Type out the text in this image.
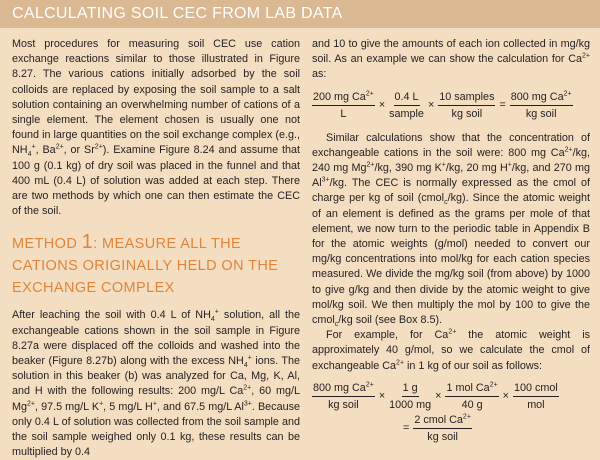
CALCULATING SOIL CEC FROM LAB DATA

Most procedures for measuring soil CEC use cation exchange reactions similar to those illustrated in Figure 8.27. The various cations initially adsorbed by the soil colloids are replaced by exposing the soil sample to a salt solution containing an overwhelming number of cations of a single element. The element chosen is usually one not found in large quantities on the soil exchange complex (e.g., $NH_4^+$, $Ba^{2+}$, or $Sr^{2+}$). Examine Figure 8.24 and assume that 100 g (0.1 kg) of dry soil was placed in the funnel and that 400 mL (0.4 L) of solution was added at each step. There are two methods by which one can then estimate the CEC of the soil.

METHOD 1: MEASURE ALL THE CATIONS ORIGINALLY HELD ON THE EXCHANGE COMPLEX

After leaching the soil with 0.4 L of $NH_4^+$ solution, all the exchangeable cations shown in the soil sample in Figure 8.27a were displaced off the colloids and washed into the beaker (Figure 8.27b) along with the excess $NH_4^+$ ions. The solution in this beaker (b) was analyzed for Ca, Mg, K, Al, and H with the following results: 200 mg/L $Ca^{2+}$, 60 mg/L $Mg^{2+}$, 97.5 mg/L K+, 5 mg/L H+, and 67.5 mg/L $Al^{3+}$. Because only 0.4 L of solution was collected from the soil sample and the soil sample weighed only 0.1 kg, these results can be multiplied by 0.4

and 10 to give the amounts of each ion collected in mg/kg soil. As an example we can show the calculation for $Ca^{2+}$ as:

$\frac{200 mg Ca^{2+}}{L} \times \frac{0.4 L}{\text{sample}} \times \frac{\text{10 samples}}{\text{kg soil}} = \frac{800 mg Ca^{2+}}{\text{kg soil}}$

Similar calculations show that the concentration of exchangeable cations in the soil were: 800 mg $Ca^{2+}/kg$, 240 mg $Mg^{2+}/kg$, 390 mg K+/kg, 20 mg H+/kg, and 270 mg $Al^{3+}/kg$. The CEC is normally expressed as the cmol of charge per kg of soil (cmol$_c$/kg). Since the atomic weight of an element is defined as the grams per mole of that element, we now turn to the periodic table in Appendix B for the atomic weights (g/mol) needed to convert our mg/kg concentrations into mol/kg for each cation species measured. We divide the mg/kg soil (from above) by 1000 to give g/kg and then divide by the atomic weight to give mol/kg soil. We then multiply the mol by 100 to give the cmol$_c$/kg soil (see Box 8.5).

For example, for $Ca^{2+}$ the atomic weight is approximately 40 g/mol, so we calculate the cmol of exchangeable $Ca^{2+}$ in 1 kg of our soil as follows:

$\frac{800 mg Ca^{2+}}{\text{kg soil}} \times \frac{1 g}{1000 mg} \times \frac{1 mol Ca^{2+}}{40 g} \times \frac{\text{100 cmol}}{\text{mol}}$
= $\frac{2 cmol Ca^{2+}}{\text{kg soil}}$
